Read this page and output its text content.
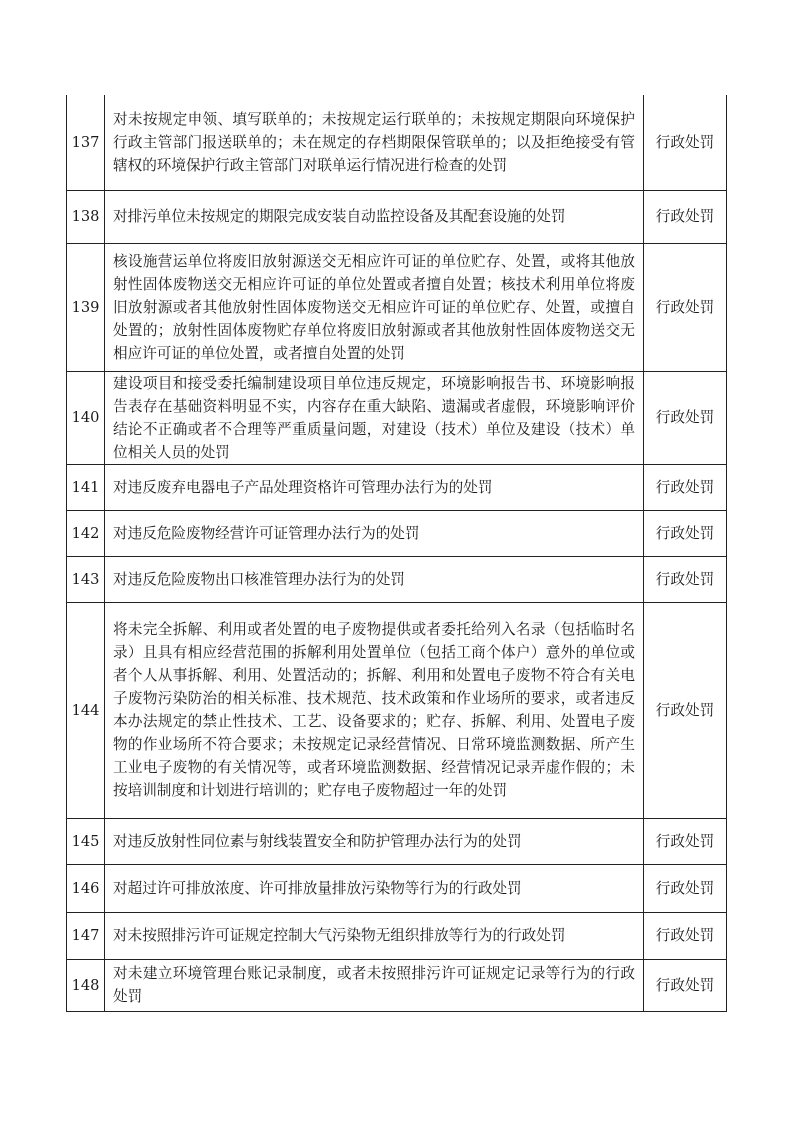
137	对未按规定申领、填写联单的；未按规定运行联单的；未按规定期限向环境保护行政主管部门报送联单的；未在规定的存档期限保管联单的；以及拒绝接受有管辖权的环境保护行政主管部门对联单运行情况进行检查的处罚	行政处罚
138	对排污单位未按规定的期限完成安装自动监控设备及其配套设施的处罚	行政处罚
139	核设施营运单位将废旧放射源送交无相应许可证的单位贮存、处置，或将其他放射性固体废物送交无相应许可证的单位处置或者擅自处置；核技术利用单位将废旧放射源或者其他放射性固体废物送交无相应许可证的单位贮存、处置，或擅自处置的；放射性固体废物贮存单位将废旧放射源或者其他放射性固体废物送交无相应许可证的单位处置，或者擅自处置的处罚	行政处罚
140	建设项目和接受委托编制建设项目单位违反规定，环境影响报告书、环境影响报告表存在基础资料明显不实，内容存在重大缺陷、遗漏或者虚假，环境影响评价结论不正确或者不合理等严重质量问题，对建设（技术）单位及建设（技术）单位相关人员的处罚	行政处罚
141	对违反废弃电器电子产品处理资格许可管理办法行为的处罚	行政处罚
142	对违反危险废物经营许可证管理办法行为的处罚	行政处罚
143	对违反危险废物出口核准管理办法行为的处罚	行政处罚
144	将未完全拆解、利用或者处置的电子废物提供或者委托给列入名录（包括临时名录）且具有相应经营范围的拆解利用处置单位（包括工商个体户）意外的单位或者个人从事拆解、利用、处置活动的；拆解、利用和处置电子废物不符合有关电子废物污染防治的相关标准、技术规范、技术政策和作业场所的要求，或者违反本办法规定的禁止性技术、工艺、设备要求的；贮存、拆解、利用、处置电子废物的作业场所不符合要求；未按规定记录经营情况、日常环境监测数据、所产生工业电子废物的有关情况等，或者环境监测数据、经营情况记录弄虚作假的；未按培训制度和计划进行培训的；贮存电子废物超过一年的处罚	行政处罚
145	对违反放射性同位素与射线装置安全和防护管理办法行为的处罚	行政处罚
146	对超过许可排放浓度、许可排放量排放污染物等行为的行政处罚	行政处罚
147	对未按照排污许可证规定控制大气污染物无组织排放等行为的行政处罚	行政处罚
148	对未建立环境管理台账记录制度，或者未按照排污许可证规定记录等行为的行政处罚	行政处罚
